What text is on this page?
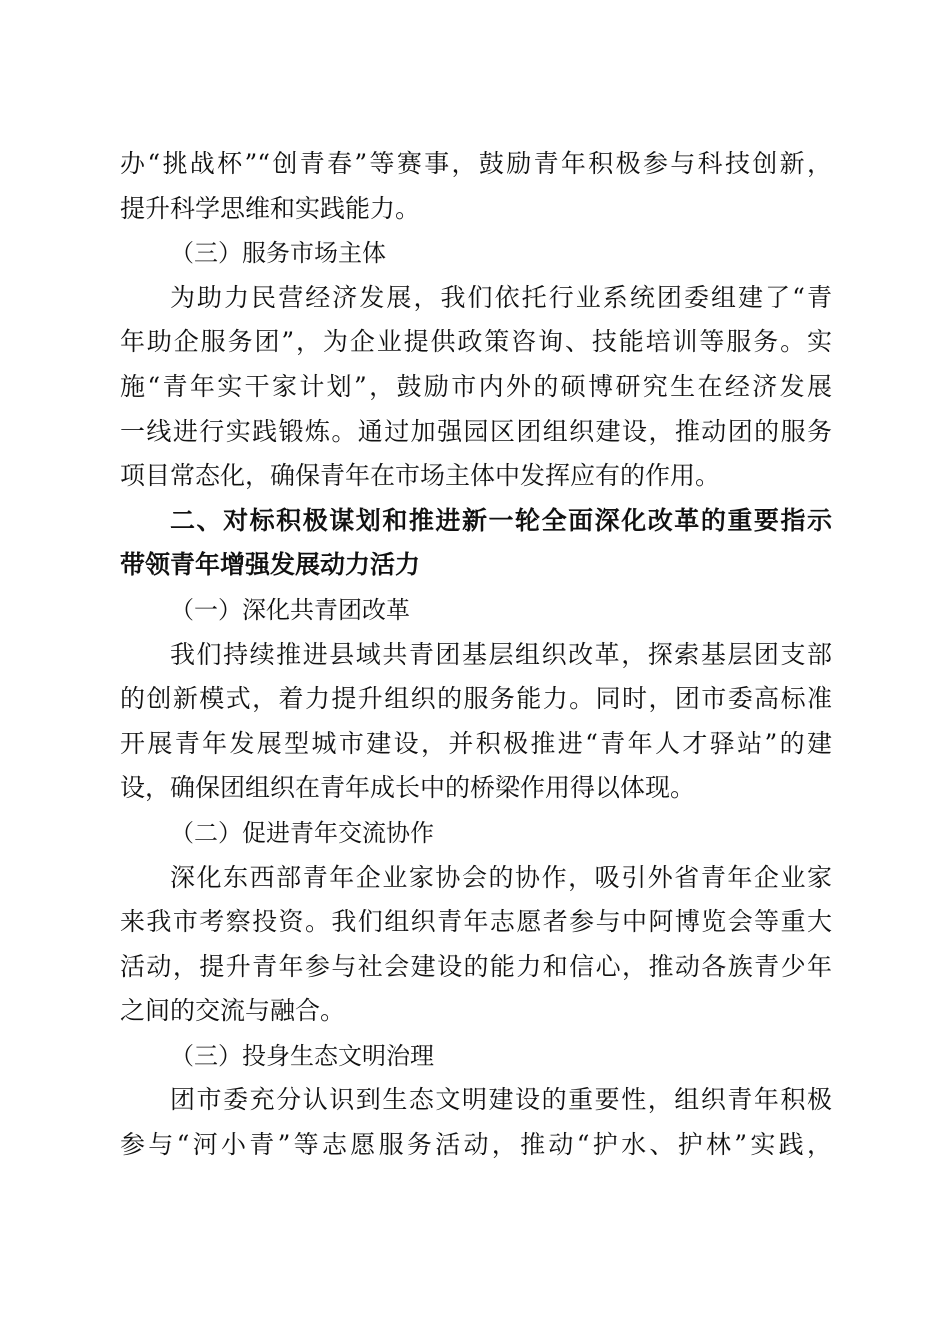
办“挑战杯”“创青春”等赛事，鼓励青年积极参与科技创新，
提升科学思维和实践能力。
（三）服务市场主体
为助力民营经济发展，我们依托行业系统团委组建了“青
年助企服务团”，为企业提供政策咨询、技能培训等服务。实
施“青年实干家计划”，鼓励市内外的硕博研究生在经济发展
一线进行实践锻炼。通过加强园区团组织建设，推动团的服务
项目常态化，确保青年在市场主体中发挥应有的作用。
二、对标积极谋划和推进新一轮全面深化改革的重要指示
带领青年增强发展动力活力
（一）深化共青团改革
我们持续推进县域共青团基层组织改革，探索基层团支部
的创新模式，着力提升组织的服务能力。同时，团市委高标准
开展青年发展型城市建设，并积极推进“青年人才驿站”的建
设，确保团组织在青年成长中的桥梁作用得以体现。
（二）促进青年交流协作
深化东西部青年企业家协会的协作，吸引外省青年企业家
来我市考察投资。我们组织青年志愿者参与中阿博览会等重大
活动，提升青年参与社会建设的能力和信心，推动各族青少年
之间的交流与融合。
（三）投身生态文明治理
团市委充分认识到生态文明建设的重要性，组织青年积极
参与“河小青”等志愿服务活动，推动“护水、护林”实践，
